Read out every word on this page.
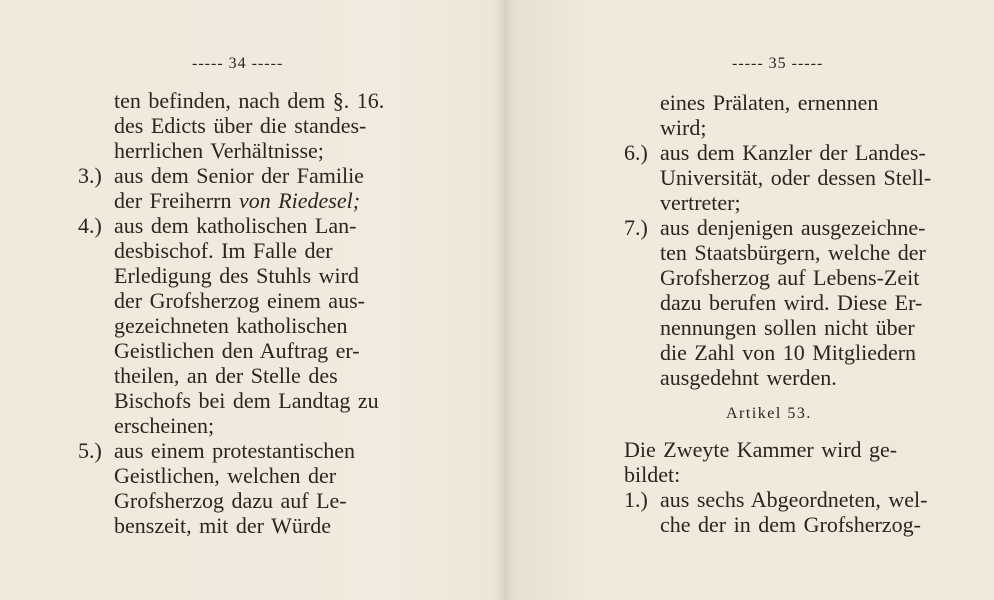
----- 34 -----
ten befinden, nach dem §. 16.
des Edicts über die standes-
herrlichen Verhältnisse;
3.) aus dem Senior der Familie
der Freiherrn von Riedesel;
4.) aus dem katholischen Lan-
desbischof. Im Falle der
Erledigung des Stuhls wird
der Grofsherzog einem aus-
gezeichneten katholischen
Geistlichen den Auftrag er-
theilen, an der Stelle des
Bischofs bei dem Landtag zu
erscheinen;
5.) aus einem protestantischen
Geistlichen, welchen der
Grofsherzog dazu auf Le-
benszeit, mit der Würde
----- 35 -----
eines Prälaten, ernennen
wird;
6.) aus dem Kanzler der Landes-
Universität, oder dessen Stell-
vertreter;
7.) aus denjenigen ausgezeichne-
ten Staatsbürgern, welche der
Grofsherzog auf Lebens-Zeit
dazu berufen wird. Diese Er-
nennungen sollen nicht über
die Zahl von 10 Mitgliedern
ausgedehnt werden.
Artikel 53.
Die Zweyte Kammer wird ge-
bildet:
1.) aus sechs Abgeordneten, wel-
che der in dem Grofsherzog-
